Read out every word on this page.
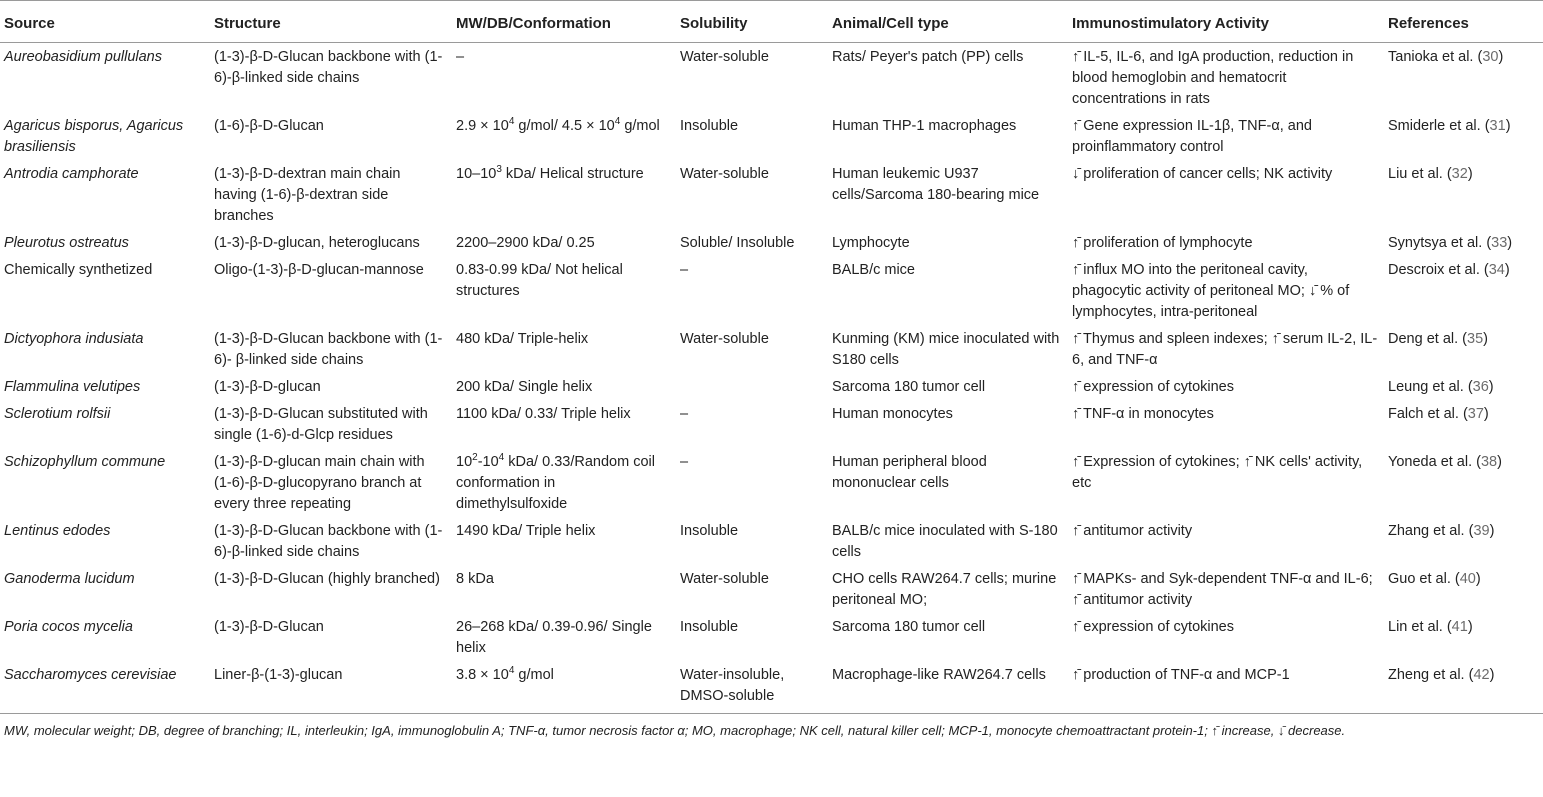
Source	Structure	MW/DB/Conformation	Solubility	Animal/Cell type	Immunostimulatory Activity	References
Aureobasidium pullulans	(1-3)-β-D-Glucan backbone with (1-6)-β-linked side chains	–	Water-soluble	Rats/ Peyer's patch (PP) cells	↑̄ IL-5, IL-6, and IgA production, reduction in blood hemoglobin and hematocrit concentrations in rats	Tanioka et al. (30)
Agaricus bisporus, Agaricus brasiliensis	(1-6)-β-D-Glucan	$2.9 \times 10^4$ g/mol/ $4.5 \times 10^4$ g/mol	Insoluble	Human THP-1 macrophages	↑̄ Gene expression IL-1β, TNF-α, and proinflammatory control	Smiderle et al. (31)
Antrodia camphorate	(1-3)-β-D-dextran main chain having (1-6)-β-dextran side branches	$10-10^3$ kDa/ Helical structure	Water-soluble	Human leukemic U937 cells/Sarcoma 180-bearing mice	↓̄ proliferation of cancer cells; NK activity	Liu et al. (32)
Pleurotus ostreatus	(1-3)-β-D-glucan, heteroglucans	2200–2900 kDa/ 0.25	Soluble/ Insoluble	Lymphocyte	↑̄ proliferation of lymphocyte	Synytsya et al. (33)
Chemically synthetized	Oligo-(1-3)-β-D-glucan-mannose	0.83-0.99 kDa/ Not helical structures	–	BALB/c mice	↑̄ influx MO into the peritoneal cavity, phagocytic activity of peritoneal MO; ↓̄ % of lymphocytes, intra-peritoneal	Descroix et al. (34)
Dictyophora indusiata	(1-3)-β-D-Glucan backbone with (1-6)- β-linked side chains	480 kDa/ Triple-helix	Water-soluble	Kunming (KM) mice inoculated with S180 cells	↑̄ Thymus and spleen indexes; ↑̄ serum IL-2, IL-6, and TNF-α	Deng et al. (35)
Flammulina velutipes	(1-3)-β-D-glucan	200 kDa/ Single helix		Sarcoma 180 tumor cell	↑̄ expression of cytokines	Leung et al. (36)
Sclerotium rolfsii	(1-3)-β-D-Glucan substituted with single (1-6)-d-Glcp residues	1100 kDa/ 0.33/ Triple helix	–	Human monocytes	↑̄ TNF-α in monocytes	Falch et al. (37)
Schizophyllum commune	(1-3)-β-D-glucan main chain with (1-6)-β-D-glucopyrano branch at every three repeating	$10^2-10^4$ kDa/ 0.33/Random coil conformation in dimethylsulfoxide	–	Human peripheral blood mononuclear cells	↑̄ Expression of cytokines; ↑̄ NK cells' activity, etc	Yoneda et al. (38)
Lentinus edodes	(1-3)-β-D-Glucan backbone with (1-6)-β-linked side chains	1490 kDa/ Triple helix	Insoluble	BALB/c mice inoculated with S-180 cells	↑̄ antitumor activity	Zhang et al. (39)
Ganoderma lucidum	(1-3)-β-D-Glucan (highly branched)	8 kDa	Water-soluble	CHO cells RAW264.7 cells; murine peritoneal MO;	↑̄ MAPKs- and Syk-dependent TNF-α and IL-6; ↑̄ antitumor activity	Guo et al. (40)
Poria cocos mycelia	(1-3)-β-D-Glucan	26–268 kDa/ 0.39-0.96/ Single helix	Insoluble	Sarcoma 180 tumor cell	↑̄ expression of cytokines	Lin et al. (41)
Saccharomyces cerevisiae	Liner-β-(1-3)-glucan	$3.8 \times 10^4$ g/mol	Water-insoluble, DMSO-soluble	Macrophage-like RAW264.7 cells	↑̄ production of TNF-α and MCP-1	Zheng et al. (42)
MW, molecular weight; DB, degree of branching; IL, interleukin; IgA, immunoglobulin A; TNF-α, tumor necrosis factor α; MO, macrophage; NK cell, natural killer cell; MCP-1, monocyte chemoattractant protein-1; ↑̄ increase, ↓̄ decrease.
